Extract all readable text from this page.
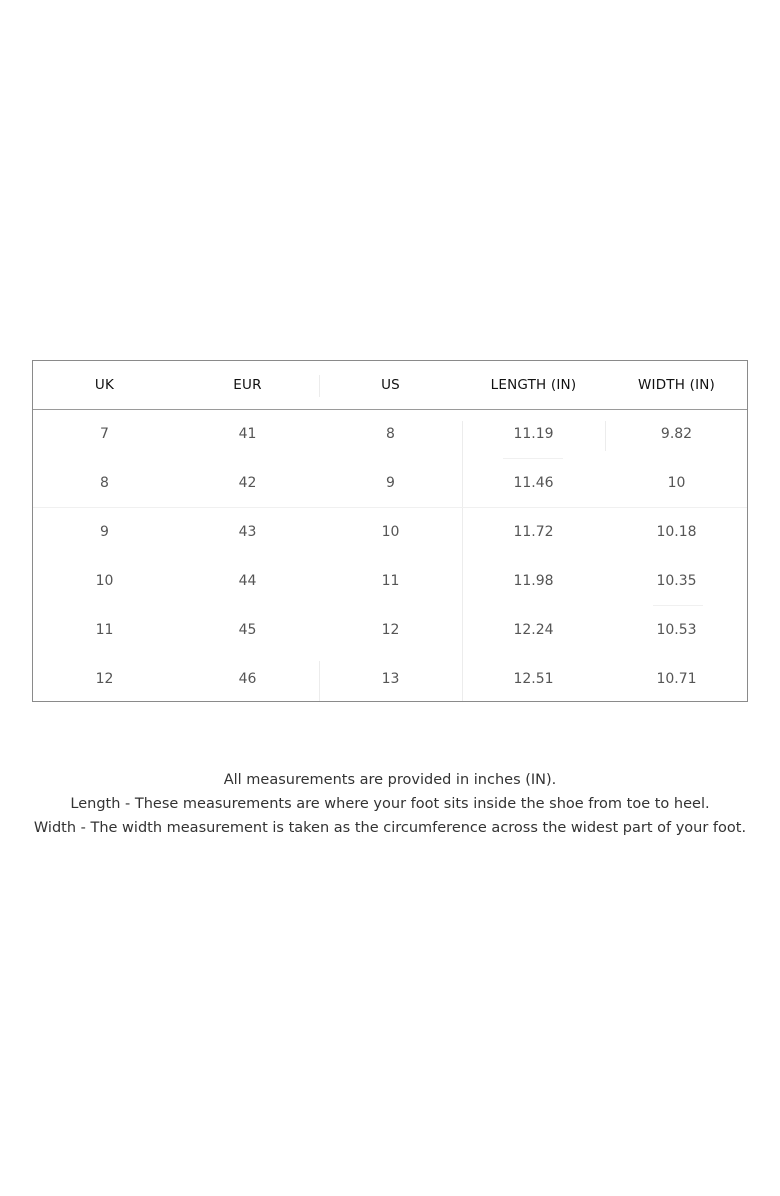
UK	EUR	US	LENGTH (IN)	WIDTH (IN)
7	41	8	11.19	9.82
8	42	9	11.46	10
9	43	10	11.72	10.18
10	44	11	11.98	10.35
11	45	12	12.24	10.53
12	46	13	12.51	10.71
All measurements are provided in inches (IN).
Length - These measurements are where your foot sits inside the shoe from toe to heel.
Width - The width measurement is taken as the circumference across the widest part of your foot.
